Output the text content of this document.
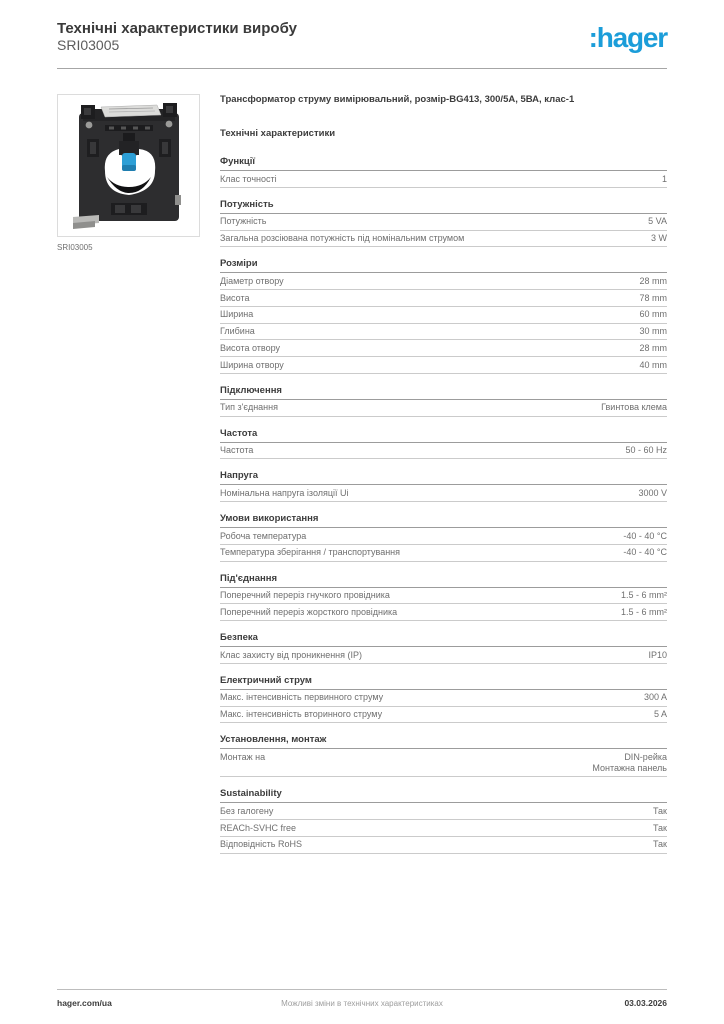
Технічні характеристики виробу
SRI03005	:hager
SRI03005
Трансформатор струму вимірювальний, розмір-BG413, 300/5A, 5ВА, клас-1
Технічні характеристики
Функції
Клас точності	1
Потужність
Потужність	5 VA
Загальна розсіювана потужність під номінальним струмом	3 W
Розміри
Діаметр отвору	28 mm
Висота	78 mm
Ширина	60 mm
Глибина	30 mm
Висота отвору	28 mm
Ширина отвору	40 mm
Підключення
Тип з'єднання	Гвинтова клема
Частота
Частота	50 - 60 Hz
Напруга
Номінальна напруга ізоляції Ui	3000 V
Умови використання
Робоча температура	-40 - 40 °C
Температура зберігання / транспортування	-40 - 40 °C
Під'єднання
Поперечний переріз гнучкого провідника	1.5 - 6 mm²
Поперечний переріз жорсткого провідника	1.5 - 6 mm²
Безпека
Клас захисту від проникнення (IP)	IP10
Електричний струм
Макс. інтенсивність первинного струму	300 A
Макс. інтенсивність вторинного струму	5 A
Установлення, монтаж
Монтаж на	DIN-рейка
Монтажна панель
Sustainability
Без галогену	Так
REACh-SVHC free	Так
Відповідність RoHS	Так
hager.com/ua	Можливі зміни в технічних характеристиках	03.03.2026
